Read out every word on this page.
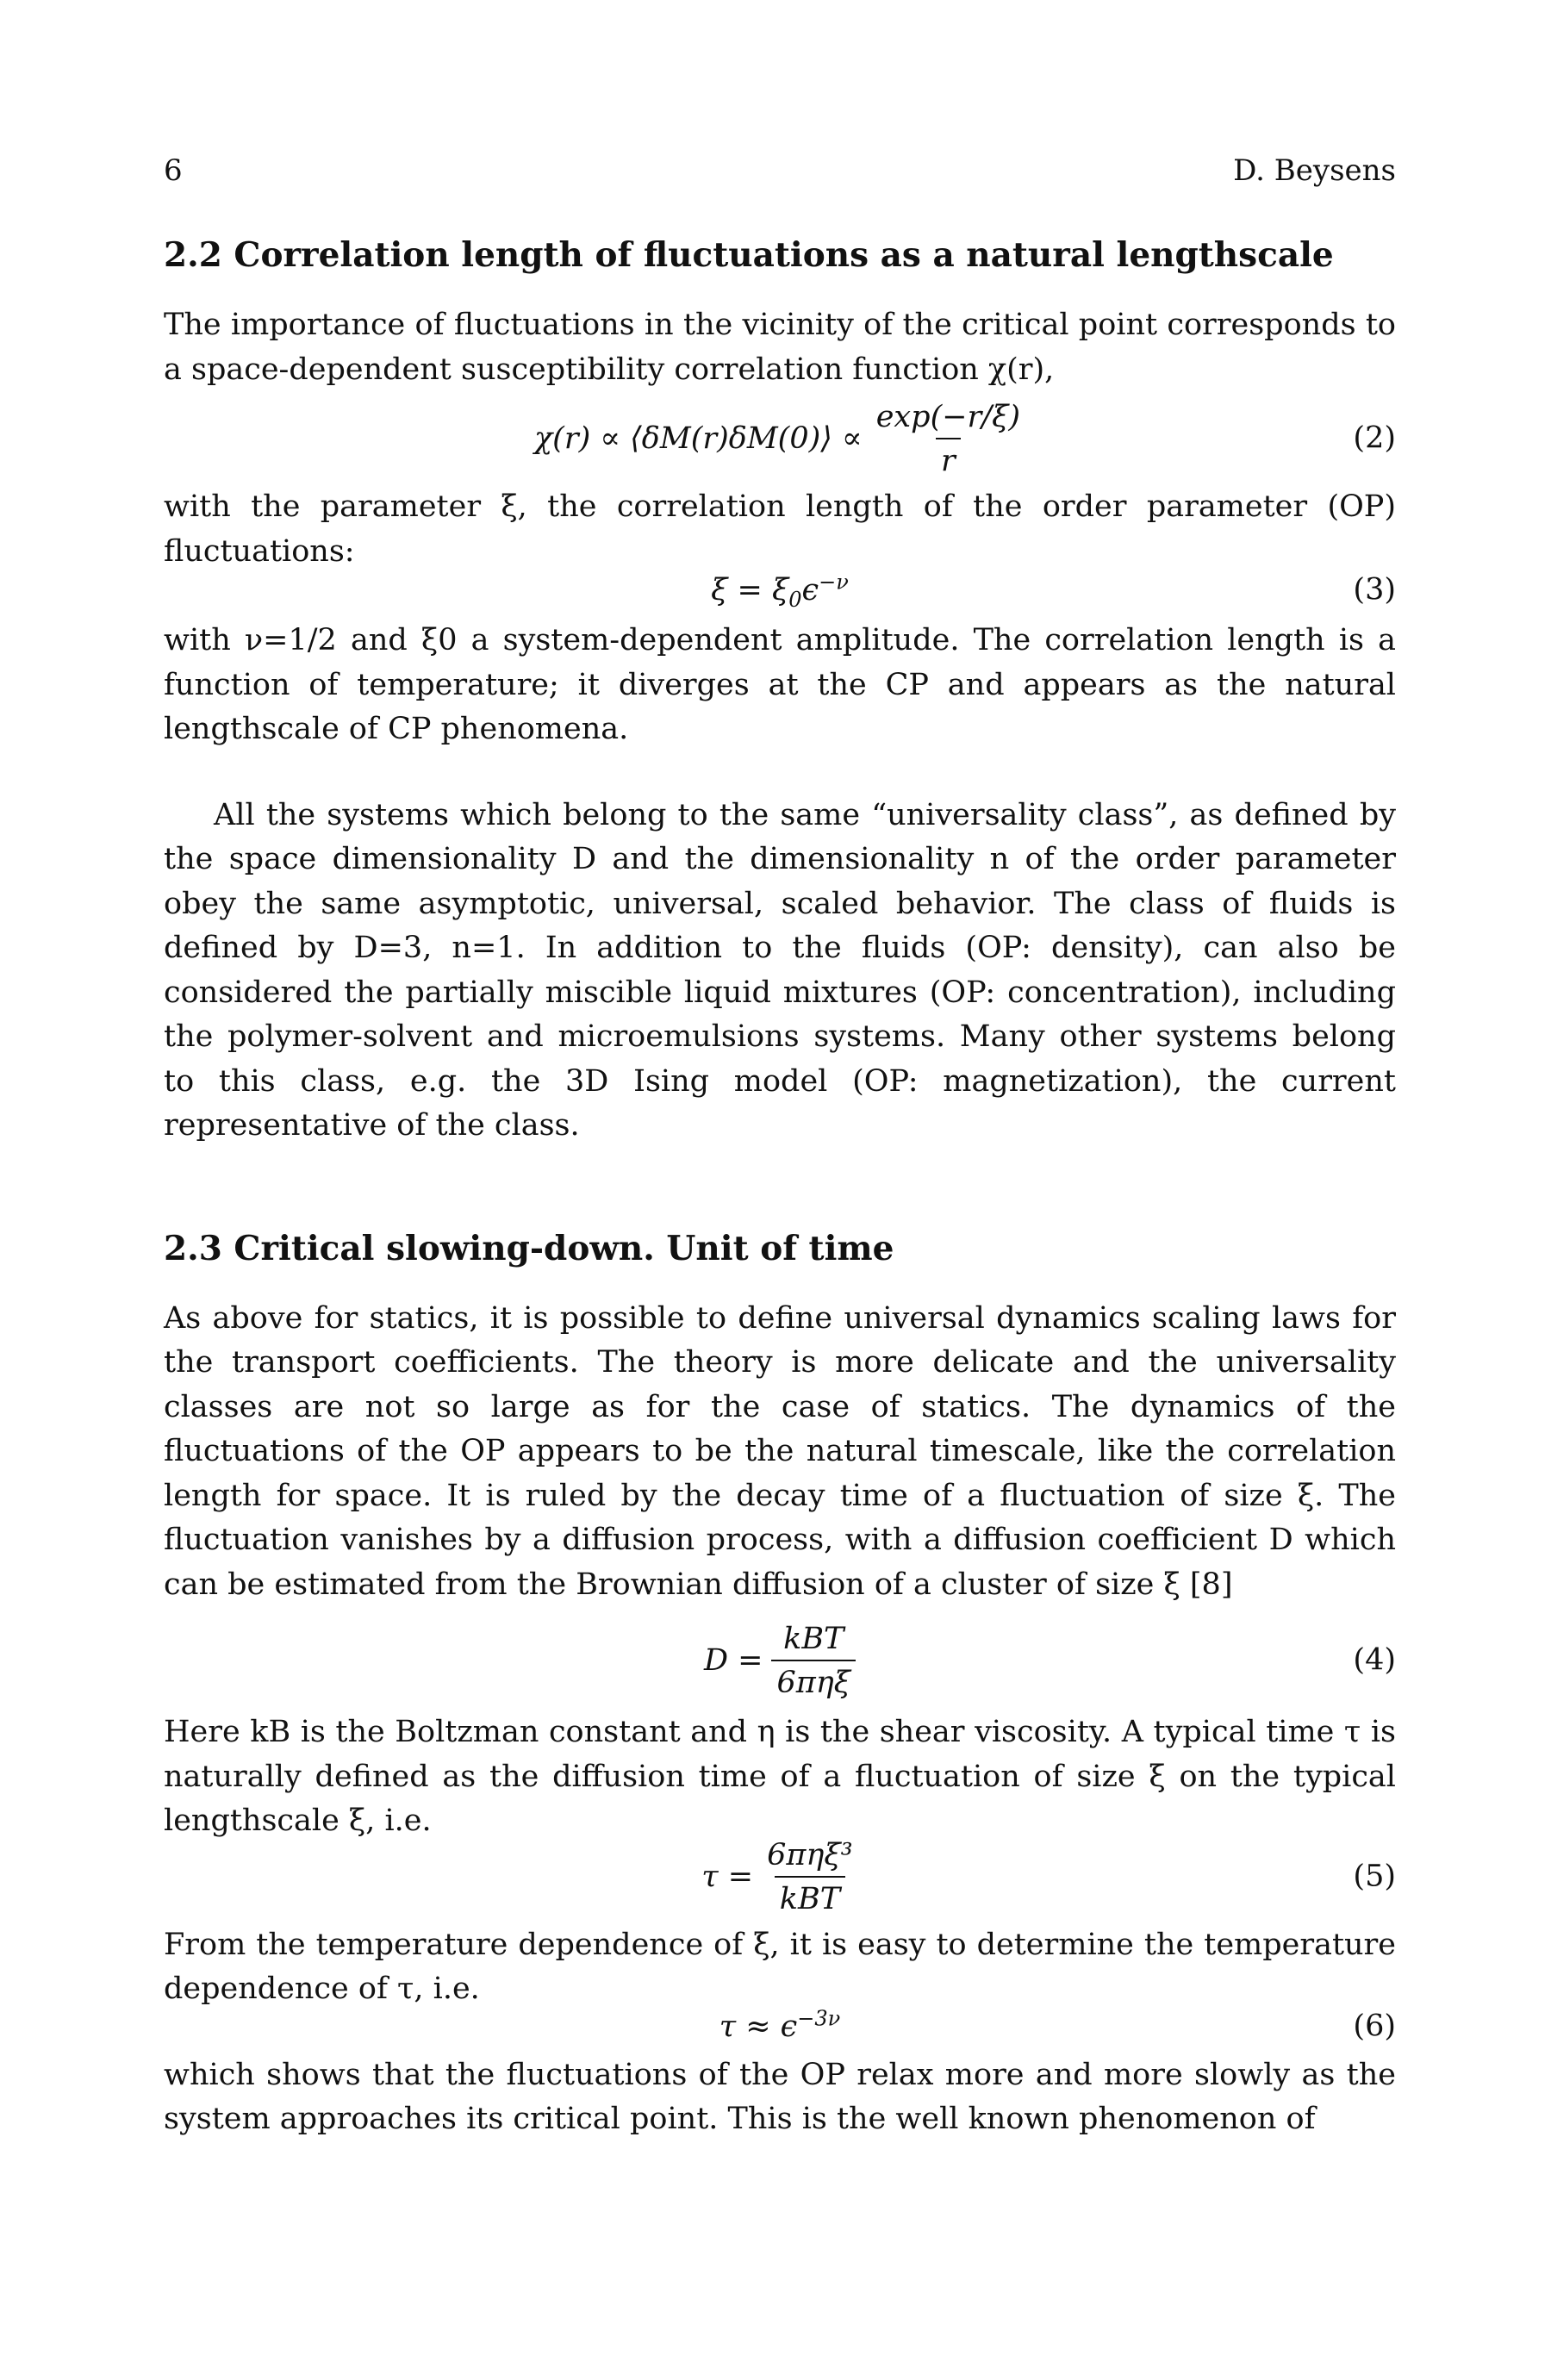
6	D. Beysens
2.2 Correlation length of fluctuations as a natural lengthscale

The importance of fluctuations in the vicinity of the critical point corresponds to a space-dependent susceptibility correlation function χ(r),

χ(r) ∝ ⟨δM(r)δM(0)⟩ ∝ $\frac{\exp(-r/\xi)}{r}$	(2)

with the parameter ξ, the correlation length of the order parameter (OP) fluctuations:

$\xi = \xi_0\epsilon^{-\nu}$	(3)

with ν=1/2 and ξ0 a system-dependent amplitude. The correlation length is a function of temperature; it diverges at the CP and appears as the natural lengthscale of CP phenomena.

All the systems which belong to the same “universality class”, as defined by the space dimensionality D and the dimensionality n of the order parameter obey the same asymptotic, universal, scaled behavior. The class of fluids is defined by D=3, n=1. In addition to the fluids (OP: density), can also be considered the partially miscible liquid mixtures (OP: concentration), including the polymer-solvent and microemulsions systems. Many other systems belong to this class, e.g. the 3D Ising model (OP: magnetization), the current representative of the class.

2.3 Critical slowing-down. Unit of time

As above for statics, it is possible to define universal dynamics scaling laws for the transport coefficients. The theory is more delicate and the universality classes are not so large as for the case of statics. The dynamics of the fluctuations of the OP appears to be the natural timescale, like the correlation length for space. It is ruled by the decay time of a fluctuation of size ξ. The fluctuation vanishes by a diffusion process, with a diffusion coefficient D which can be estimated from the Brownian diffusion of a cluster of size ξ [8]

$D = \frac{\text{kBT}}{\text{6πηξ}}$	(4)

Here kB is the Boltzman constant and η is the shear viscosity. A typical time τ is naturally defined as the diffusion time of a fluctuation of size ξ on the typical lengthscale ξ, i.e.

$\tau = \frac{\text{6πηξ³}}{\text{kBT}}$	(5)

From the temperature dependence of ξ, it is easy to determine the temperature dependence of τ, i.e.

$\tau \approx \epsilon^{-3\nu}$	(6)

which shows that the fluctuations of the OP relax more and more slowly as the system approaches its critical point. This is the well known phenomenon of
